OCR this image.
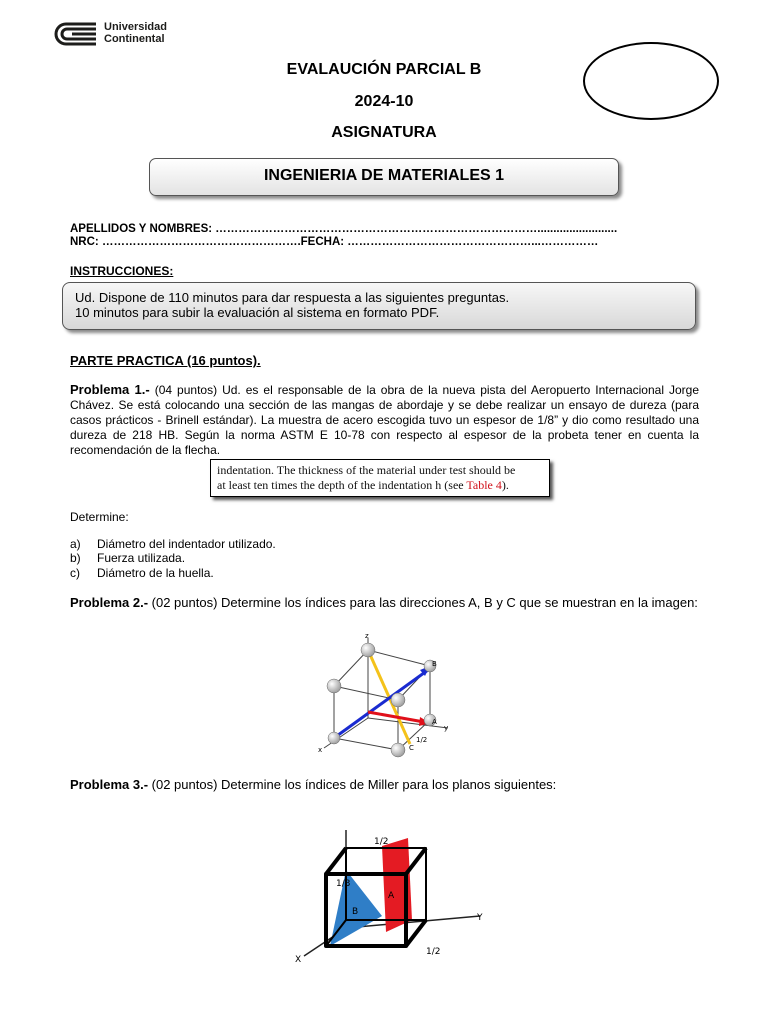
Universidad
Continental
EVALAUCIÓN PARCIAL B
2024-10
ASIGNATURA
INGENIERIA DE MATERIALES 1
APELLIDOS Y NOMBRES: ………………………………………………………………………….........................
NRC: …………………………………………….FECHA: …………………………………………...……………
INSTRUCCIONES:

Ud. Dispone de 110 minutos para dar respuesta a las siguientes preguntas.

10 minutos para subir la evaluación al sistema en formato PDF.

PARTE PRACTICA (16 puntos).
Problema 1.- (04 puntos) Ud. es el responsable de la obra de la nueva pista del Aeropuerto Internacional Jorge Chávez. Se está colocando una sección de las mangas de abordaje y se debe realizar un ensayo de dureza (para casos prácticos - Brinell estándar). La muestra de acero escogida tuvo un espesor de 1/8” y dio como resultado una dureza de 218 HB. Según la norma ASTM E 10-78 con respecto al espesor de la probeta tener en cuenta la recomendación de la flecha.
indentation. The thickness of the material under test should be
at least ten times the depth of the indentation h (see Table 4).
Determine:
a) Diámetro del indentador utilizado.
b) Fuerza utilizada.
c) Diámetro de la huella.
Problema 2.- (02 puntos) Determine los índices para las direcciones A, B y C que se muestran en la imagen:
1/2
A
B
C
y
x
z
Problema 3.- (02 puntos) Determine los índices de Miller para los planos siguientes:
1/2
1/3
1/2
B
A
Y
X
